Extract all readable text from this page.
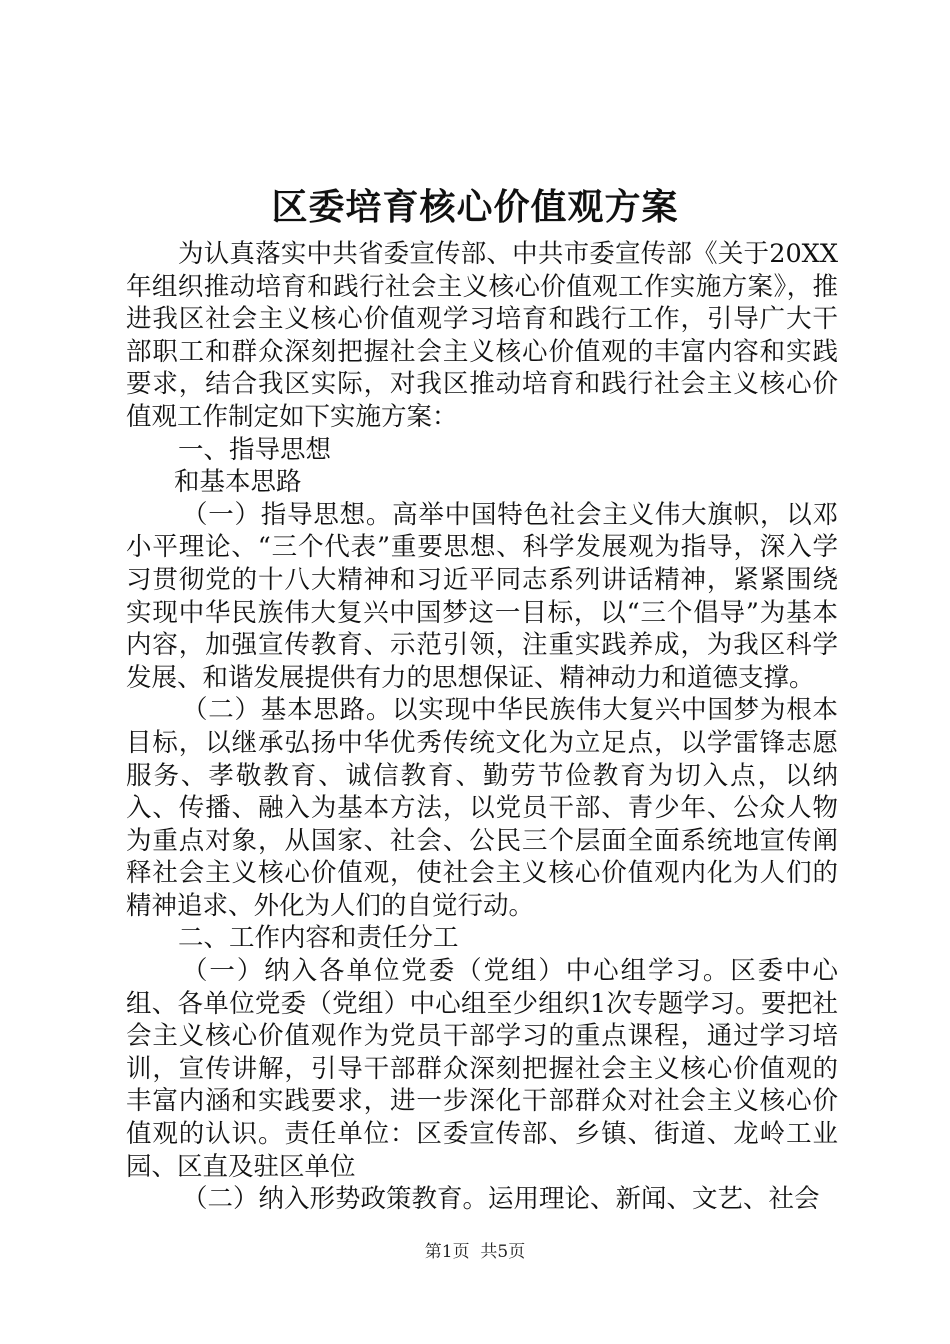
区委培育核心价值观方案

为认真落实中共省委宣传部、中共市委宣传部《关于20XX年组织推动培育和践行社会主义核心价值观工作实施方案》，推进我区社会主义核心价值观学习培育和践行工作，引导广大干部职工和群众深刻把握社会主义核心价值观的丰富内容和实践要求，结合我区实际，对我区推动培育和践行社会主义核心价值观工作制定如下实施方案：

一、指导思想

和基本思路

（一）指导思想。高举中国特色社会主义伟大旗帜，以邓小平理论、“三个代表”重要思想、科学发展观为指导，深入学习贯彻党的十八大精神和习近平同志系列讲话精神，紧紧围绕实现中华民族伟大复兴中国梦这一目标，以“三个倡导”为基本内容，加强宣传教育、示范引领，注重实践养成，为我区科学发展、和谐发展提供有力的思想保证、精神动力和道德支撑。

（二）基本思路。以实现中华民族伟大复兴中国梦为根本目标，以继承弘扬中华优秀传统文化为立足点，以学雷锋志愿服务、孝敬教育、诚信教育、勤劳节俭教育为切入点，以纳入、传播、融入为基本方法，以党员干部、青少年、公众人物为重点对象，从国家、社会、公民三个层面全面系统地宣传阐释社会主义核心价值观，使社会主义核心价值观内化为人们的精神追求、外化为人们的自觉行动。

二、工作内容和责任分工

（一）纳入各单位党委（党组）中心组学习。区委中心组、各单位党委（党组）中心组至少组织1次专题学习。要把社会主义核心价值观作为党员干部学习的重点课程，通过学习培训，宣传讲解，引导干部群众深刻把握社会主义核心价值观的丰富内涵和实践要求，进一步深化干部群众对社会主义核心价值观的认识。责任单位：区委宣传部、乡镇、街道、龙岭工业园、区直及驻区单位

（二）纳入形势政策教育。运用理论、新闻、文艺、社会

第1页 共5页
